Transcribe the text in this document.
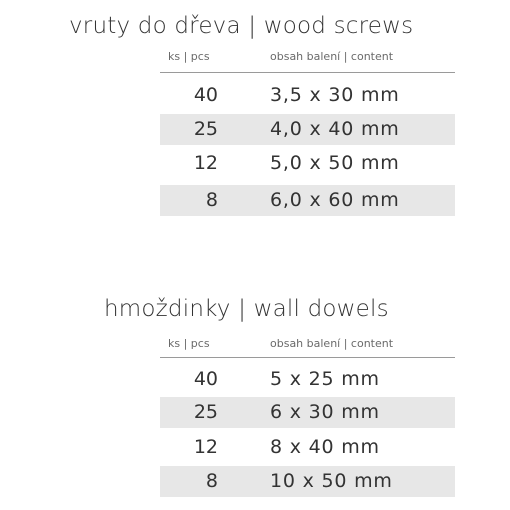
vruty do dřeva | wood screws
ks | pcs	obsah balení | content
40	3,5 x 30 mm
25	4,0 x 40 mm
12	5,0 x 50 mm
8	6,0 x 60 mm
hmoždinky | wall dowels
ks | pcs	obsah balení | content
40	5 x 25 mm
25	6 x 30 mm
12	8 x 40 mm
8	10 x 50 mm
